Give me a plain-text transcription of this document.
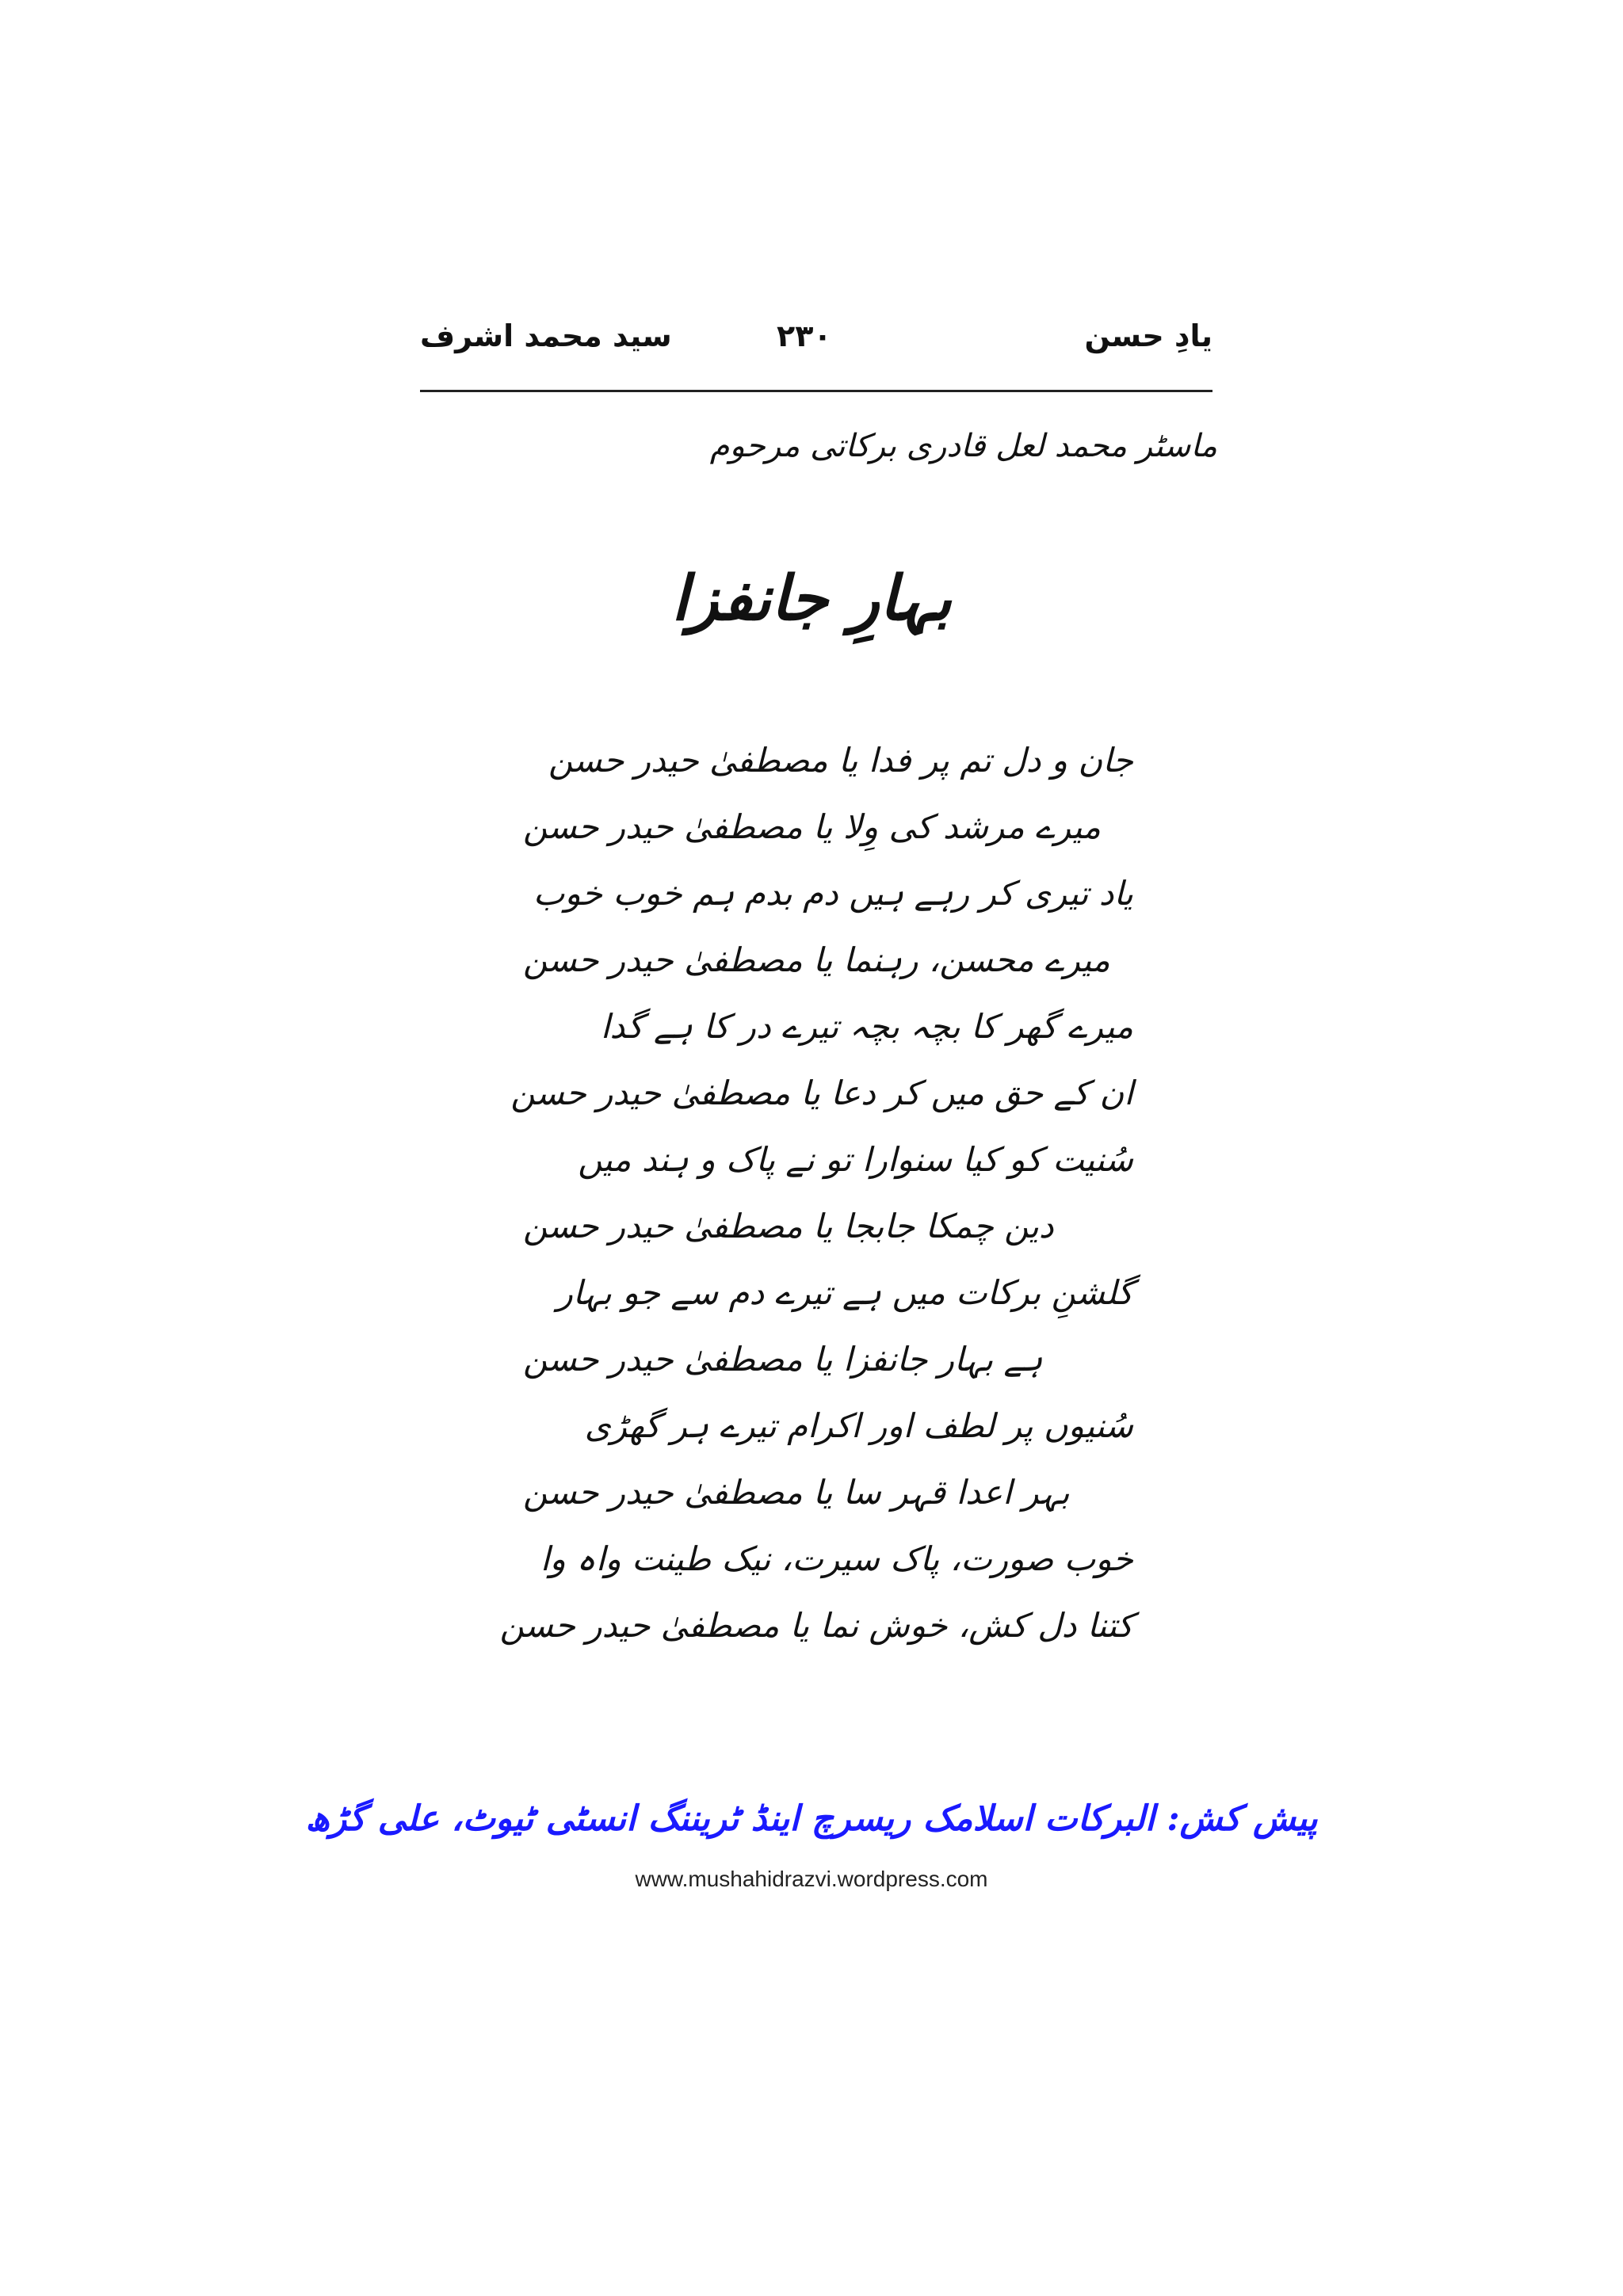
یادِ حسن
۲۳۰
سید محمد اشرف
ماسٹر محمد لعل قادری برکاتی مرحوم
بہارِ جانفزا
جان و دل تم پر فدا یا مصطفیٰ حیدر حسن
میرے مرشد کی وِلا یا مصطفیٰ حیدر حسن
یاد تیری کر رہے ہیں دم بدم ہم خوب خوب
میرے محسن، رہنما یا مصطفیٰ حیدر حسن
میرے گھر کا بچہ بچہ تیرے در کا ہے گدا
ان کے حق میں کر دعا یا مصطفیٰ حیدر حسن
سُنیت کو کیا سنوارا تو نے پاک و ہند میں
دین چمکا جابجا یا مصطفیٰ حیدر حسن
گلشنِ برکات میں ہے تیرے دم سے جو بہار
ہے بہار جانفزا یا مصطفیٰ حیدر حسن
سُنیوں پر لطف اور اکرام تیرے ہر گھڑی
بہر اعدا قہر سا یا مصطفیٰ حیدر حسن
خوب صورت، پاک سیرت، نیک طینت واہ وا
کتنا دل کش، خوش نما یا مصطفیٰ حیدر حسن
پیش کش: البرکات اسلامک ریسرچ اینڈ ٹریننگ انسٹی ٹیوٹ، علی گڑھ
www.mushahidrazvi.wordpress.com
